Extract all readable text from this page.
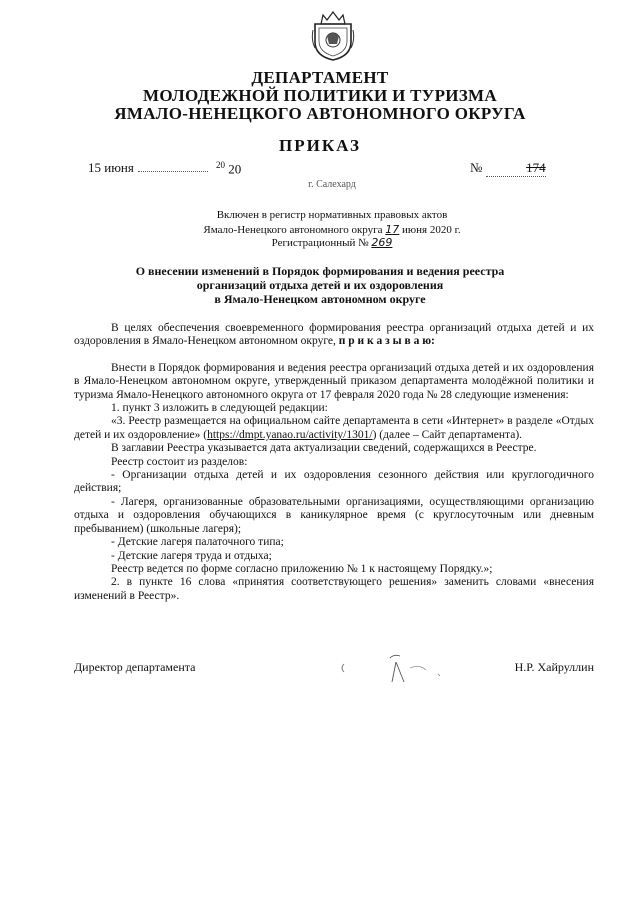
ДЕПАРТАМЕНТ
МОЛОДЕЖНОЙ ПОЛИТИКИ И ТУРИЗМА
ЯМАЛО-НЕНЕЦКОГО АВТОНОМНОГО ОКРУГА
ПРИКАЗ
15 июня	$^{20}$ 20	№	174
г. Салехард
Включен в регистр нормативных правовых актов
Ямало-Ненецкого автономного округа 17 июня 2020 г.
Регистрационный № 269
О внесении изменений в Порядок формирования и ведения реестра
организаций отдыха детей и их оздоровления
в Ямало-Ненецком автономном округе

В целях обеспечения своевременного формирования реестра организаций отдыха детей и их оздоровления в Ямало-Ненецком автономном округе, п р и к а з ы в а ю:

Внести в Порядок формирования и ведения реестра организаций отдыха детей и их оздоровления в Ямало-Ненецком автономном округе, утвержденный приказом департамента молодёжной политики и туризма Ямало-Ненецкого автономного округа от 17 февраля 2020 года № 28 следующие изменения:

1. пункт 3 изложить в следующей редакции:

«3. Реестр размещается на официальном сайте департамента в сети «Интернет» в разделе «Отдых детей и их оздоровление» (https://dmpt.yanao.ru/activity/1301/) (далее – Сайт департамента).

В заглавии Реестра указывается дата актуализации сведений, содержащихся в Реестре.

Реестр состоит из разделов:

- Организации отдыха детей и их оздоровления сезонного действия или круглогодичного действия;

- Лагеря, организованные образовательными организациями, осуществляющими организацию отдыха и оздоровления обучающихся в каникулярное время (с круглосуточным или дневным пребыванием) (школьные лагеря);

- Детские лагеря палаточного типа;

- Детские лагеря труда и отдыха;

Реестр ведется по форме согласно приложению № 1 к настоящему Порядку.»;

2. в пункте 16 слова «принятия соответствующего решения» заменить словами «внесения изменений в Реестр».

Директор департамента	Н.Р. Хайруллин
